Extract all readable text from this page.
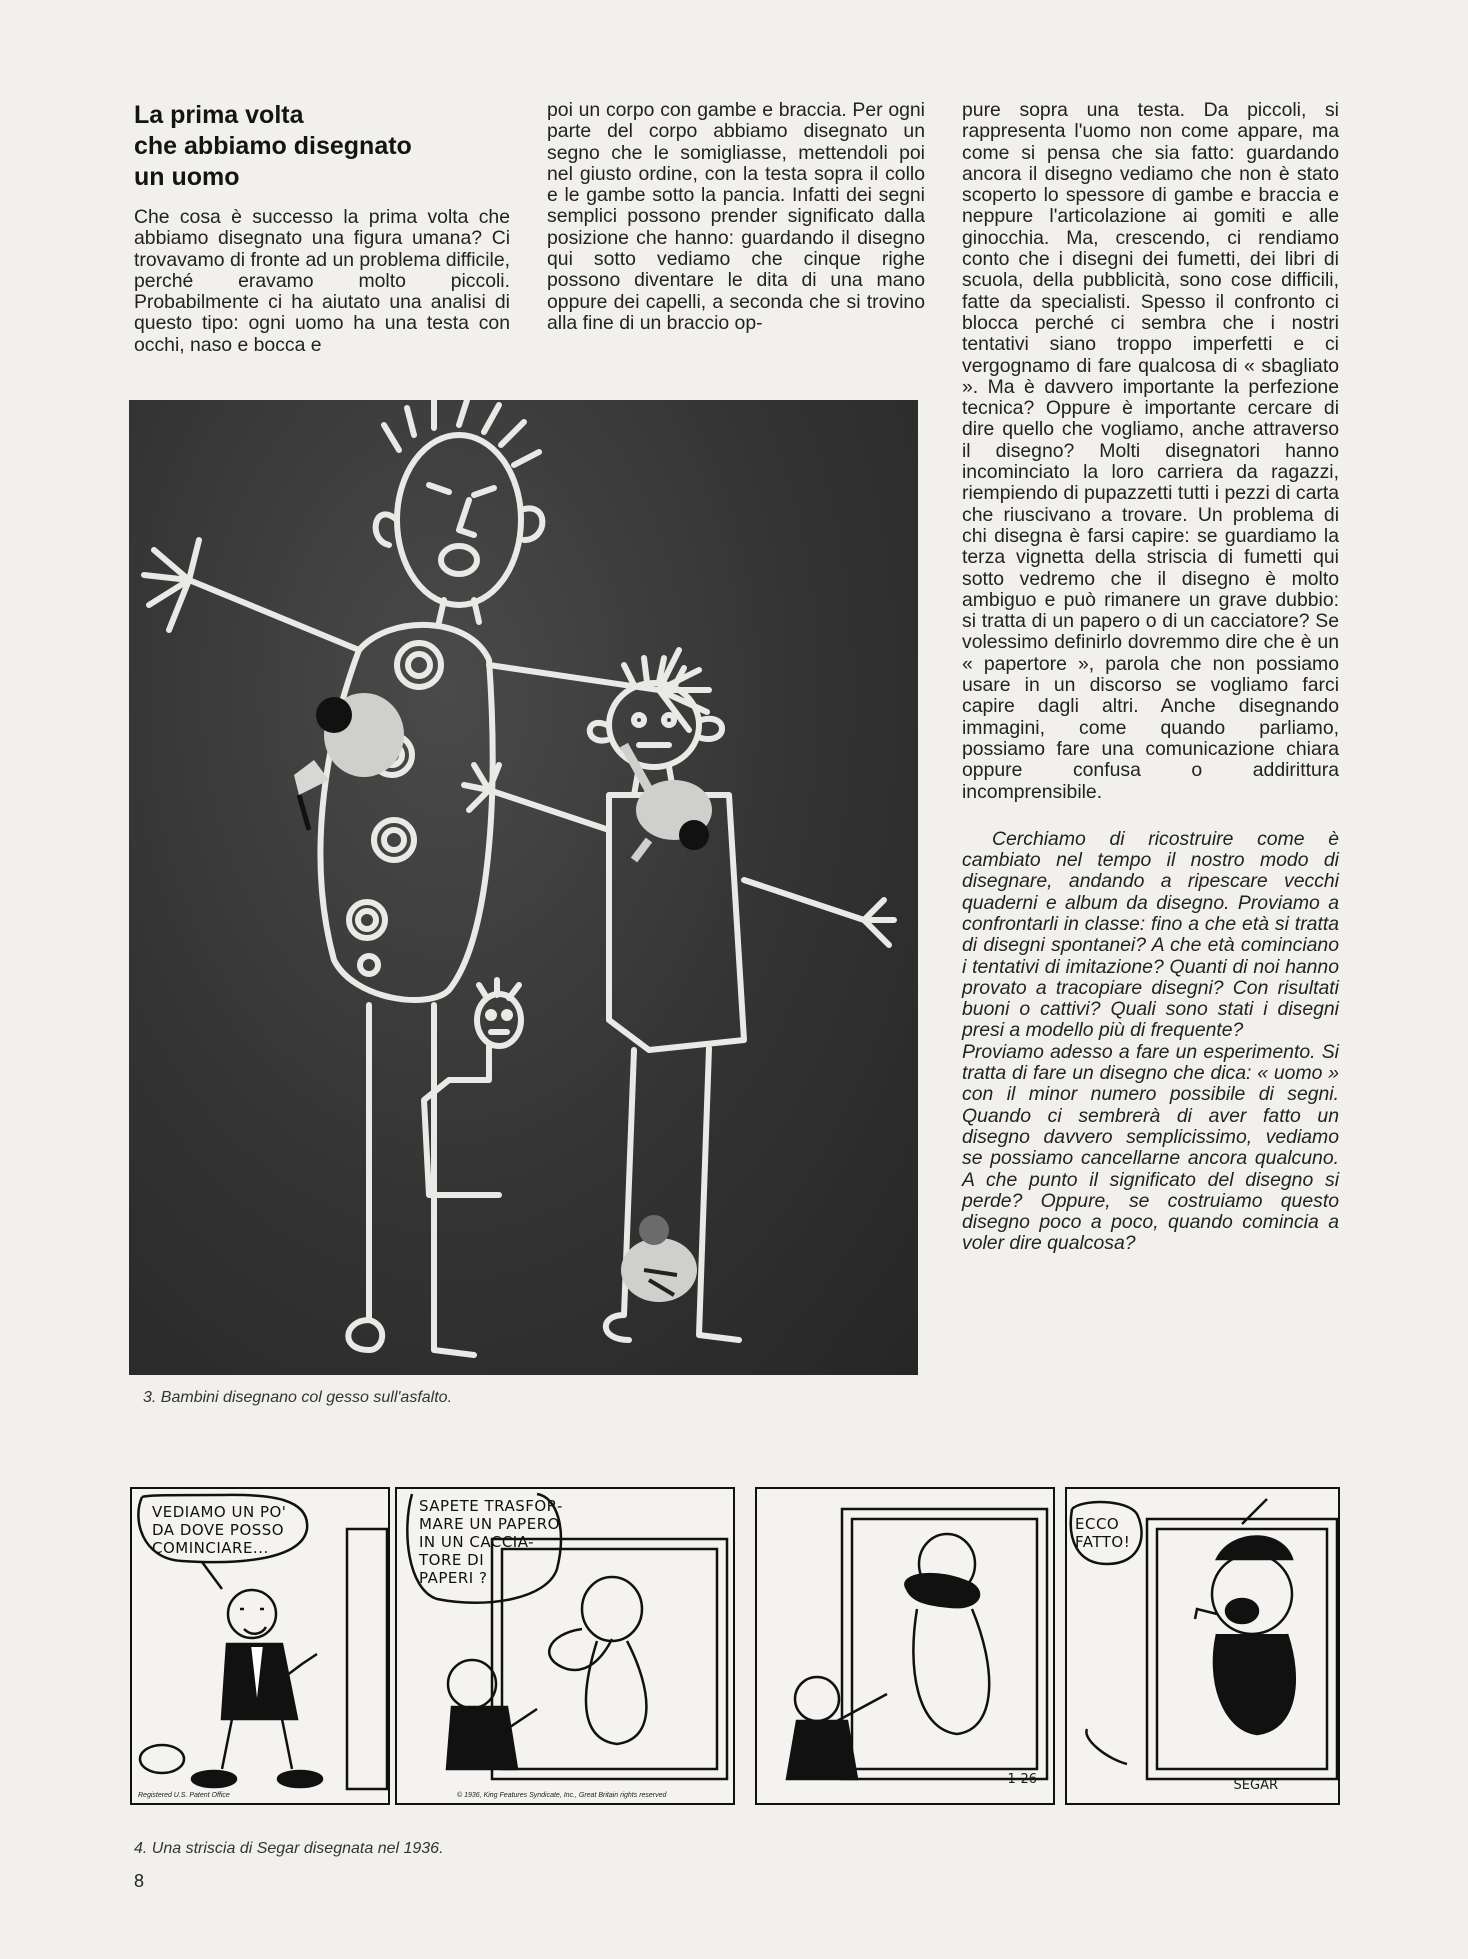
La prima volta
che abbiamo disegnato
un uomo
Che cosa è successo la prima volta che abbiamo disegnato una figura umana? Ci trovavamo di fronte ad un problema difficile, perché eravamo molto piccoli. Probabilmente ci ha aiutato una analisi di questo tipo: ogni uomo ha una testa con occhi, naso e bocca e
poi un corpo con gambe e braccia. Per ogni parte del corpo abbiamo disegnato un segno che le somigliasse, mettendoli poi nel giusto ordine, con la testa sopra il collo e le gambe sotto la pancia. Infatti dei segni semplici possono prender significato dalla posizione che hanno: guardando il disegno qui sotto vediamo che cinque righe possono diventare le dita di una mano oppure dei capelli, a seconda che si trovino alla fine di un braccio op-

pure sopra una testa. Da piccoli, si rappresenta l'uomo non come appare, ma come si pensa che sia fatto: guardando ancora il disegno vediamo che non è stato scoperto lo spessore di gambe e braccia e neppure l'articolazione ai gomiti e alle ginocchia. Ma, crescendo, ci rendiamo conto che i disegni dei fumetti, dei libri di scuola, della pubblicità, sono cose difficili, fatte da specialisti. Spesso il confronto ci blocca perché ci sembra che i nostri tentativi siano troppo imperfetti e ci vergognamo di fare qualcosa di « sbagliato ». Ma è davvero importante la perfezione tecnica? Oppure è importante cercare di dire quello che vogliamo, anche attraverso il disegno? Molti disegnatori hanno incominciato la loro carriera da ragazzi, riempiendo di pupazzetti tutti i pezzi di carta che riuscivano a trovare. Un problema di chi disegna è farsi capire: se guardiamo la terza vignetta della striscia di fumetti qui sotto vedremo che il disegno è molto ambiguo e può rimanere un grave dubbio: si tratta di un papero o di un cacciatore? Se volessimo definirlo dovremmo dire che è un « papertore », parola che non possiamo usare in un discorso se vogliamo farci capire dagli altri. Anche disegnando immagini, come quando parliamo, possiamo fare una comunicazione chiara oppure confusa o addirittura incomprensibile.

Cerchiamo di ricostruire come è cambiato nel tempo il nostro modo di disegnare, andando a ripescare vecchi quaderni e album da disegno. Proviamo a confrontarli in classe: fino a che età si tratta di disegni spontanei? A che età cominciano i tentativi di imitazione? Quanti di noi hanno provato a tracopiare disegni? Con risultati buoni o cattivi? Quali sono stati i disegni presi a modello più di frequente?

Proviamo adesso a fare un esperimento. Si tratta di fare un disegno che dica: « uomo » con il minor numero possibile di segni. Quando ci sembrerà di aver fatto un disegno davvero semplicissimo, vediamo se possiamo cancellarne ancora qualcuno. A che punto il significato del disegno si perde? Oppure, se costruiamo questo disegno poco a poco, quando comincia a voler dire qualcosa?

3. Bambini disegnano col gesso sull'asfalto.
VEDIAMO UN PO'
DA DOVE POSSO
COMINCIARE...
Registered U.S. Patent Office
SAPETE TRASFOR-
MARE UN PAPERO
IN UN CACCIA-
TORE DI
PAPERI ?
© 1936, King Features Syndicate, Inc., Great Britain rights reserved
1-26
ECCO
FATTO!
SEGAR
4. Una striscia di Segar disegnata nel 1936.
8
